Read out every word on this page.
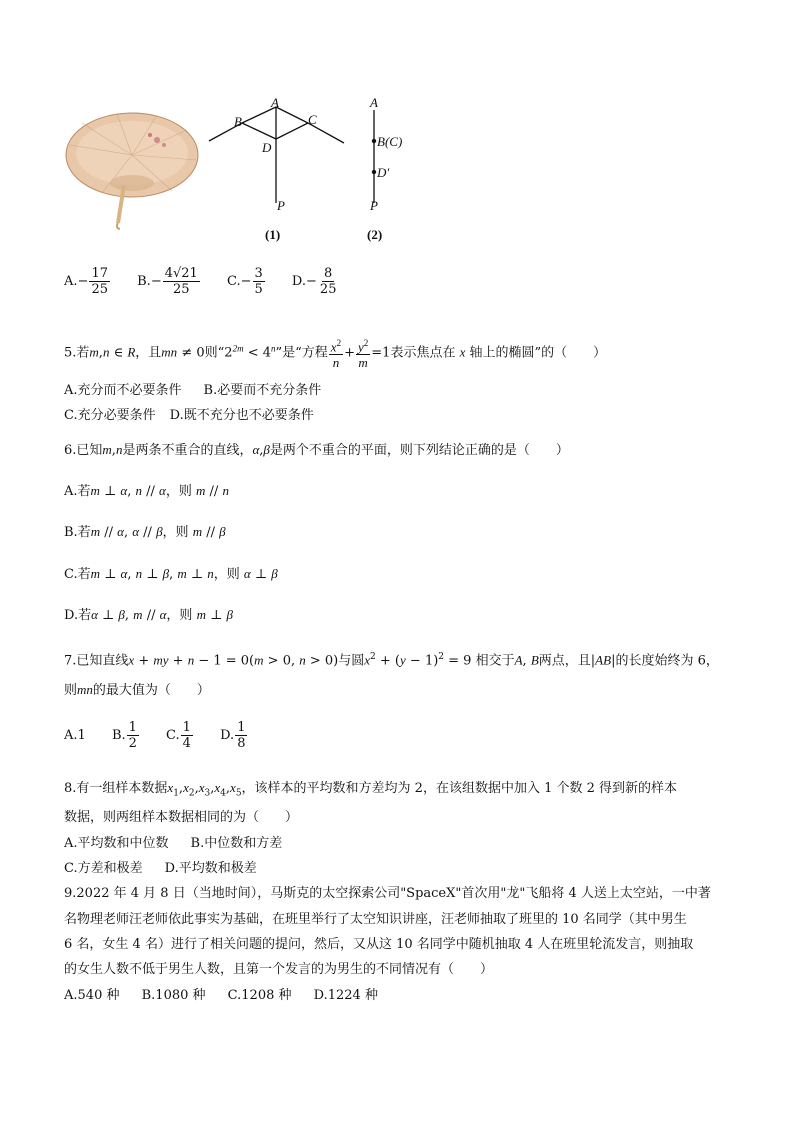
A
B	C
D
P
(1)
A
B(C)
D′
P
(2)
$A.- \frac{17}{25} B.- \frac{4√21}{25} C.- \frac{3}{5} D.- \frac{8}{25}$
5.若m,n ∈ R，且mn ≠ 0则“$2^{2m} < 4^n$”是“方程 $\frac{x^2}{n} + \frac{y^2}{m} =1$表示焦点在 x 轴上的椭圆”的（　　）
A.充分而不必要条件 B.必要而不充分条件
C.充分必要条件 D.既不充分也不必要条件
6.已知m,n是两条不重合的直线，α,β是两个不重合的平面，则下列结论正确的是（　　）
A.若m ⊥ α, n // α，则 m // n
B.若m // α, α // β，则 m // β
C.若m ⊥ α, n ⊥ β, m ⊥ n，则 α ⊥ β
D.若α ⊥ β, m // α，则 m ⊥ β
7.已知直线x + my + n − 1 = 0(m > 0, n > 0)与圆$x^2 + (y - 1)^2 = 9$ 相交于A, B两点，且|AB|的长度始终为 6，
则mn的最大值为（　　）
A.1 B. $\frac{1}{2} C$. $\frac{1}{4} D$. $\frac{1}{8}$
8.有一组样本数据$x_1,x_2,x_3,x_4,x_5$，该样本的平均数和方差均为 2，在该组数据中加入 1 个数 2 得到新的样本
数据，则两组样本数据相同的为（　　）
A.平均数和中位数 B.中位数和方差
C.方差和极差 D.平均数和极差
9.2022 年 4 月 8 日（当地时间），马斯克的太空探索公司"SpaceX"首次用"龙"飞船将 4 人送上太空站，一中著
名物理老师汪老师依此事实为基础，在班里举行了太空知识讲座，汪老师抽取了班里的 10 名同学（其中男生
6 名，女生 4 名）进行了相关问题的提问，然后，又从这 10 名同学中随机抽取 4 人在班里轮流发言，则抽取
的女生人数不低于男生人数，且第一个发言的为男生的不同情况有（　　）
A.540 种 B.1080 种 C.1208 种 D.1224 种
